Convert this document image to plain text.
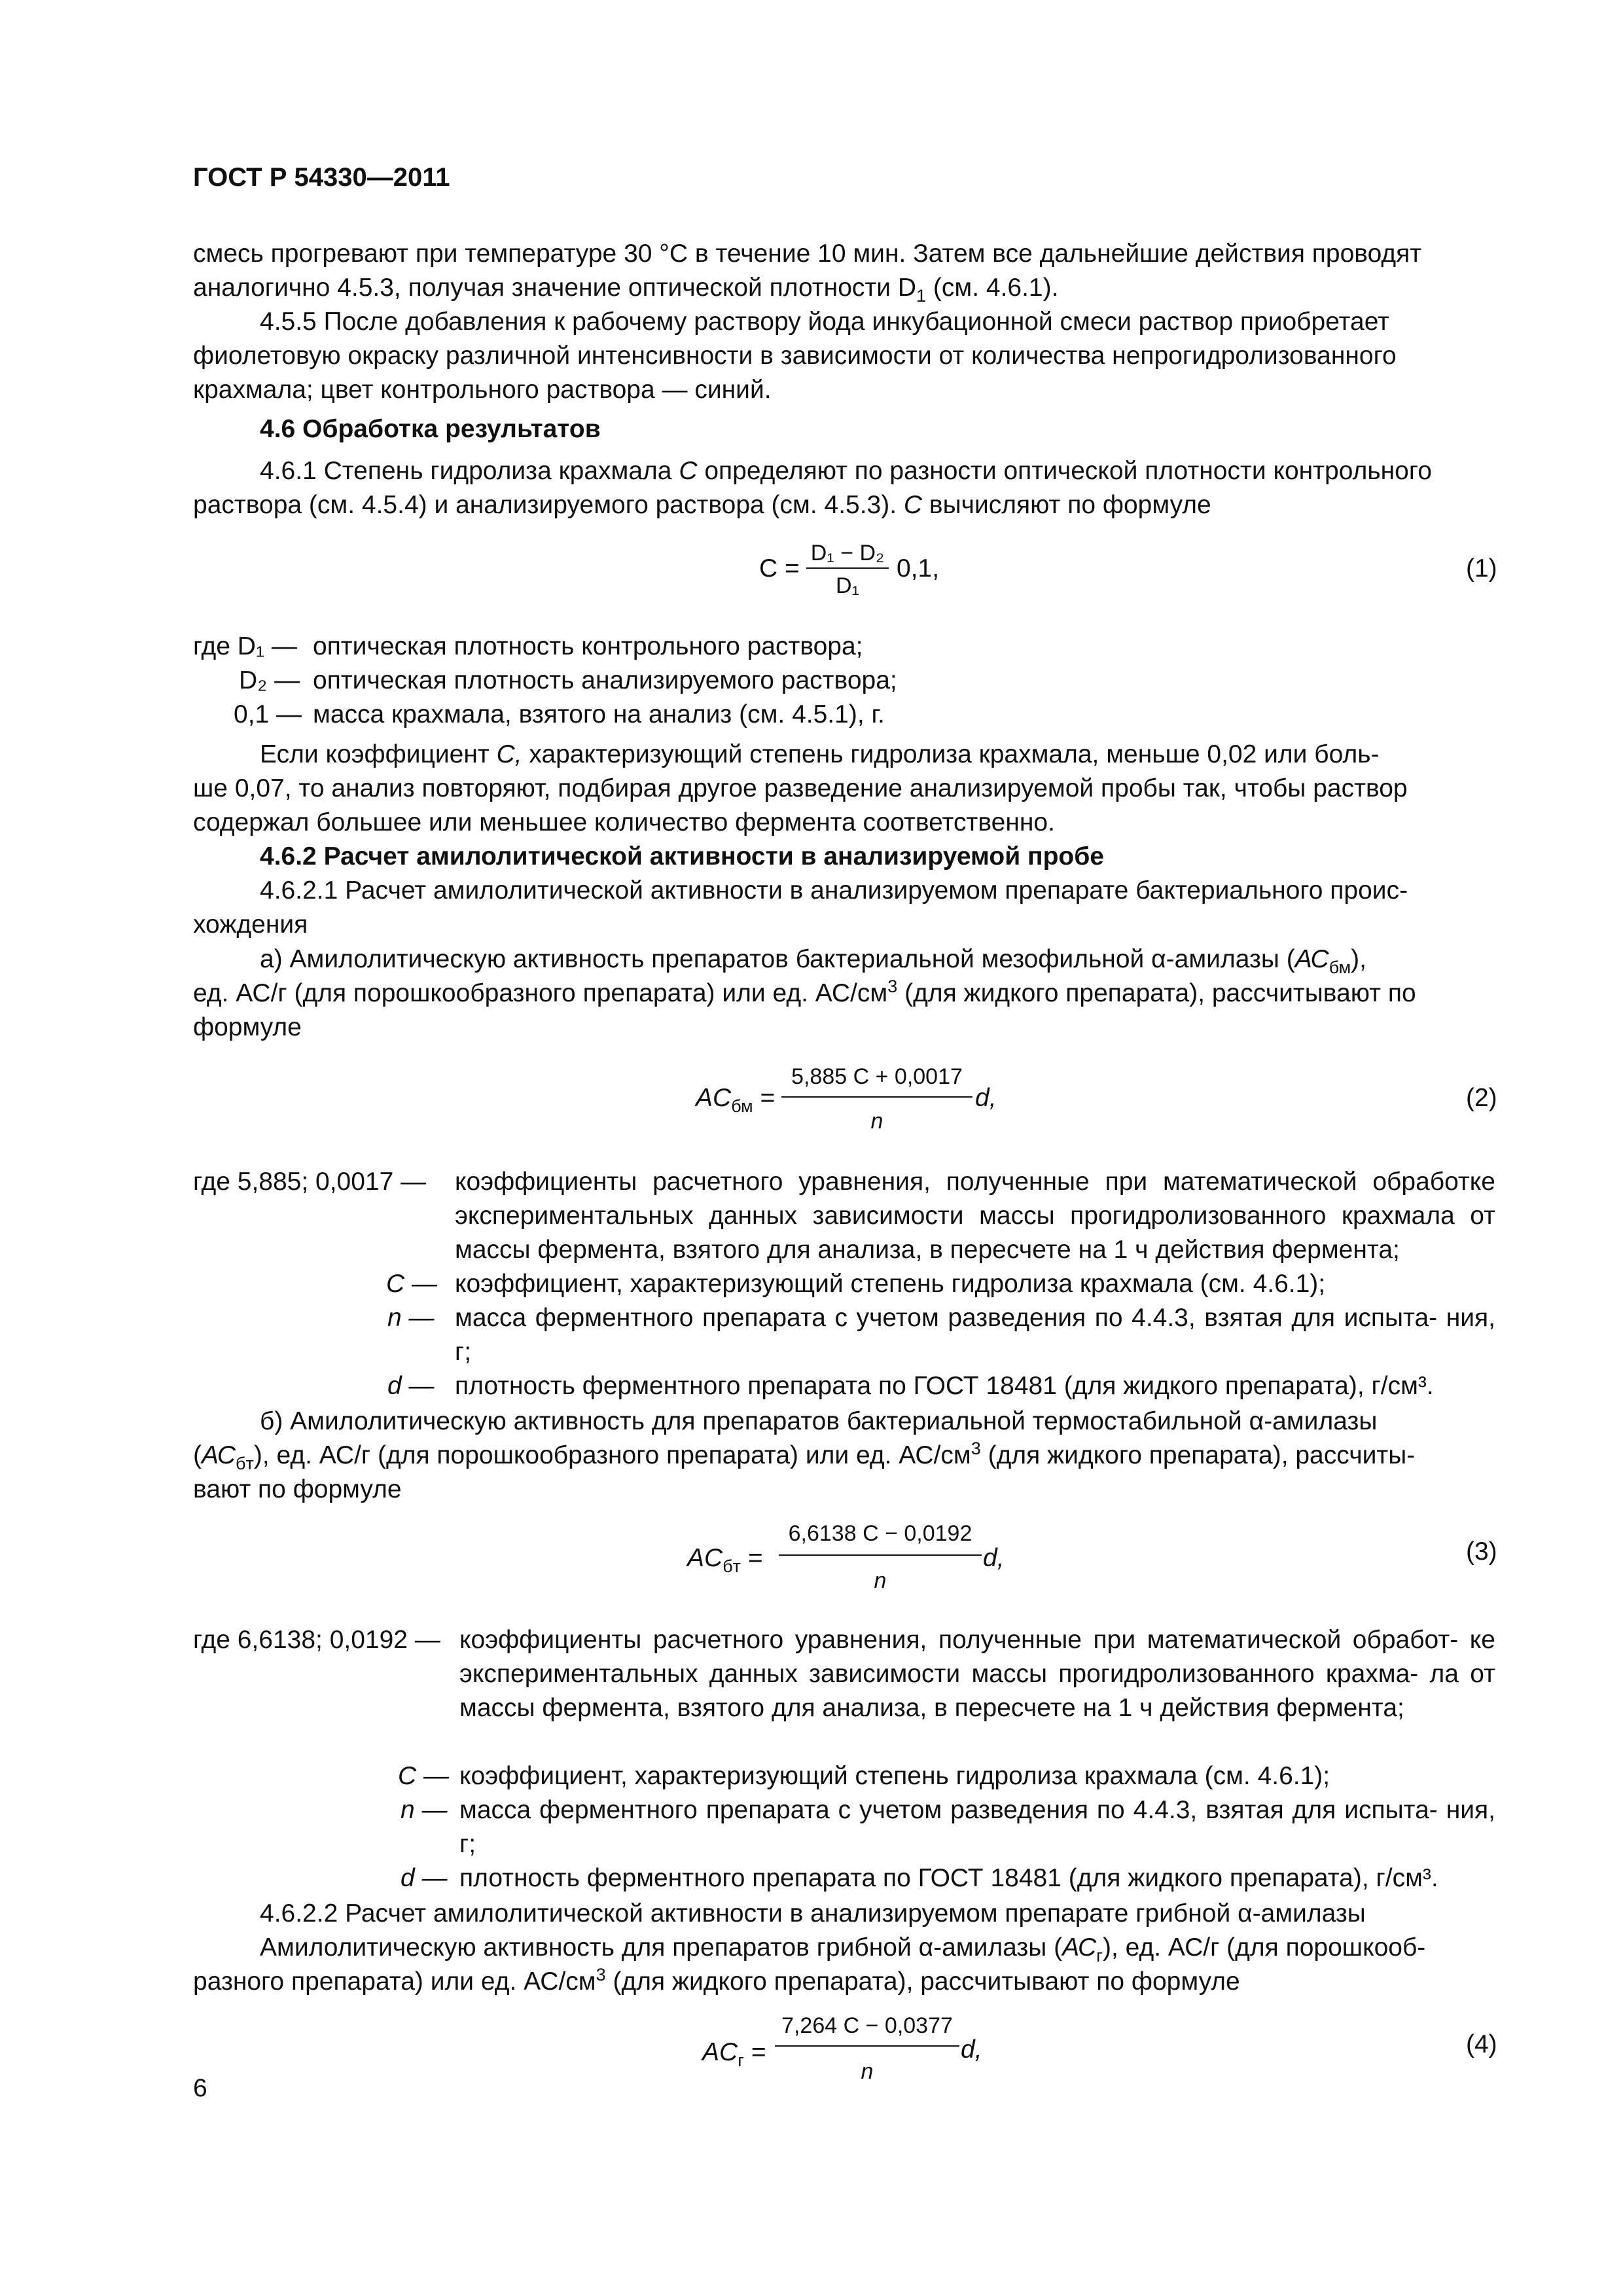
ГОСТ Р 54330—2011
смесь прогревают при температуре 30 °С в течение 10 мин. Затем все дальнейшие действия проводят
аналогично 4.5.3, получая значение оптической плотности $D_1$ (см. 4.6.1).
4.5.5 После добавления к рабочему раствору йода инкубационной смеси раствор приобретает
фиолетовую окраску различной интенсивности в зависимости от количества непрогидролизованного
крахмала; цвет контрольного раствора — синий.
4.6 Обработка результатов
4.6.1 Степень гидролиза крахмала С определяют по разности оптической плотности контрольного
раствора (см. 4.5.4) и анализируемого раствора (см. 4.5.3). С вычисляют по формуле
C =
D₁ − D₂
D₁
0,1,	(1)
где D₁ — оптическая плотность контрольного раствора;
D₂ — оптическая плотность анализируемого раствора;
0,1 — масса крахмала, взятого на анализ (см. 4.5.1), г.
Если коэффициент С, характеризующий степень гидролиза крахмала, меньше 0,02 или боль-
ше 0,07, то анализ повторяют, подбирая другое разведение анализируемой пробы так, чтобы раствор
содержал большее или меньшее количество фермента соответственно.
4.6.2 Расчет амилолитической активности в анализируемой пробе
4.6.2.1 Расчет амилолитической активности в анализируемом препарате бактериального проис-
хождения
а) Амилолитическую активность препаратов бактериальной мезофильной α-амилазы $(АС_{бм})$,
ед. АС/г (для порошкообразного препарата) или ед. $АС/см^3$ (для жидкого препарата), рассчитывают по
формуле
$AC_{бм}$ =
5,885 C + 0,0017
n
d,	(2)
где 5,885; 0,0017 — коэффициенты расчетного уравнения, полученные при математической обработке экспериментальных данных зависимости массы прогидролизованного крахмала от массы фермента, взятого для анализа, в пересчете на 1 ч действия фермента;
С — коэффициент, характеризующий степень гидролиза крахмала (см. 4.6.1);
n — масса ферментного препарата с учетом разведения по 4.4.3, взятая для испыта- ния, г;
d — плотность ферментного препарата по ГОСТ 18481 (для жидкого препарата), г/см³.
б) Амилолитическую активность для препаратов бактериальной термостабильной α-амилазы
$(АС_{бт})$, ед. АС/г (для порошкообразного препарата) или ед. $АС/см^3$ (для жидкого препарата), рассчиты-
вают по формуле
$AC_{бт}$ =
6,6138 C − 0,0192
n
d,	(3)
где 6,6138; 0,0192 — коэффициенты расчетного уравнения, полученные при математической обработ- ке экспериментальных данных зависимости массы прогидролизованного крахма- ла от массы фермента, взятого для анализа, в пересчете на 1 ч действия фермента;
С — коэффициент, характеризующий степень гидролиза крахмала (см. 4.6.1);
n — масса ферментного препарата с учетом разведения по 4.4.3, взятая для испыта- ния, г;
d — плотность ферментного препарата по ГОСТ 18481 (для жидкого препарата), г/см³.
4.6.2.2 Расчет амилолитической активности в анализируемом препарате грибной α-амилазы
Амилолитическую активность для препаратов грибной α-амилазы $(АС_г)$, ед. АС/г (для порошкооб-
разного препарата) или ед. $АС/см^3$ (для жидкого препарата), рассчитывают по формуле
$AC_г$ =
7,264 C − 0,0377
n
d,	(4)
6
